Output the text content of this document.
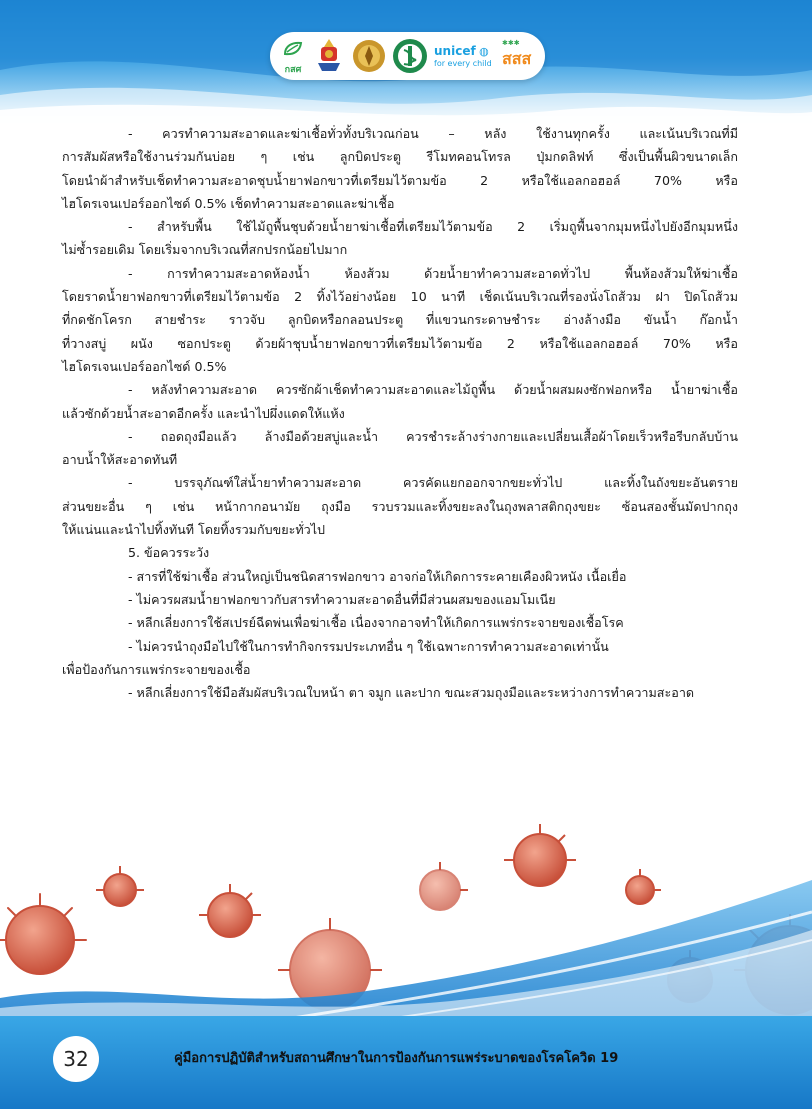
กสศ
unicef ◍
for every child
✱✱✱
สสส
- ควรทำความสะอาดและฆ่าเชื้อทั่วทั้งบริเวณก่อน – หลัง ใช้งานทุกครั้ง และเน้นบริเวณที่มี
การสัมผัสหรือใช้งานร่วมกันบ่อย ๆ เช่น ลูกบิดประตู รีโมทคอนโทรล ปุ่มกดลิฟท์ ซึ่งเป็นพื้นผิวขนาดเล็ก
โดยนำผ้าสำหรับเช็ดทำความสะอาดชุบน้ำยาฟอกขาวที่เตรียมไว้ตามข้อ 2 หรือใช้แอลกอฮอล์ 70% หรือ
ไฮโดรเจนเปอร์ออกไซด์ 0.5% เช็ดทำความสะอาดและฆ่าเชื้อ
- สำหรับพื้น ใช้ไม้ถูพื้นชุบด้วยน้ำยาฆ่าเชื้อที่เตรียมไว้ตามข้อ 2 เริ่มถูพื้นจากมุมหนึ่งไปยังอีกมุมหนึ่ง
ไม่ซ้ำรอยเดิม โดยเริ่มจากบริเวณที่สกปรกน้อยไปมาก
- การทำความสะอาดห้องน้ำ ห้องส้วม ด้วยน้ำยาทำความสะอาดทั่วไป พื้นห้องส้วมให้ฆ่าเชื้อ
โดยราดน้ำยาฟอกขาวที่เตรียมไว้ตามข้อ 2 ทิ้งไว้อย่างน้อย 10 นาที เช็ดเน้นบริเวณที่รองนั่งโถส้วม ฝา ปิดโถส้วม
ที่กดชักโครก สายชำระ ราวจับ ลูกบิดหรือกลอนประตู ที่แขวนกระดาษชำระ อ่างล้างมือ ขันน้ำ ก๊อกน้ำ
ที่วางสบู่ ผนัง ซอกประตู ด้วยผ้าชุบน้ำยาฟอกขาวที่เตรียมไว้ตามข้อ 2 หรือใช้แอลกอฮอล์ 70% หรือ
ไฮโดรเจนเปอร์ออกไซด์ 0.5%
- หลังทำความสะอาด ควรซักผ้าเช็ดทำความสะอาดและไม้ถูพื้น ด้วยน้ำผสมผงซักฟอกหรือ น้ำยาฆ่าเชื้อ
แล้วซักด้วยน้ำสะอาดอีกครั้ง และนำไปผึ่งแดดให้แห้ง
- ถอดถุงมือแล้ว ล้างมือด้วยสบู่และน้ำ ควรชำระล้างร่างกายและเปลี่ยนเสื้อผ้าโดยเร็วหรือรีบกลับบ้าน
อาบน้ำให้สะอาดทันที
- บรรจุภัณฑ์ใส่น้ำยาทำความสะอาด ควรคัดแยกออกจากขยะทั่วไป และทิ้งในถังขยะอันตราย
ส่วนขยะอื่น ๆ เช่น หน้ากากอนามัย ถุงมือ รวบรวมและทิ้งขยะลงในถุงพลาสติกถุงขยะ ซ้อนสองชั้นมัดปากถุง
ให้แน่นและนำไปทิ้งทันที โดยทิ้งรวมกับขยะทั่วไป
5. ข้อควรระวัง
- สารที่ใช้ฆ่าเชื้อ ส่วนใหญ่เป็นชนิดสารฟอกขาว อาจก่อให้เกิดการระคายเคืองผิวหนัง เนื้อเยื่อ
- ไม่ควรผสมน้ำยาฟอกขาวกับสารทำความสะอาดอื่นที่มีส่วนผสมของแอมโมเนีย
- หลีกเลี่ยงการใช้สเปรย์ฉีดพ่นเพื่อฆ่าเชื้อ เนื่องจากอาจทำให้เกิดการแพร่กระจายของเชื้อโรค
- ไม่ควรนำถุงมือไปใช้ในการทำกิจกรรมประเภทอื่น ๆ ใช้เฉพาะการทำความสะอาดเท่านั้น
เพื่อป้องกันการแพร่กระจายของเชื้อ
- หลีกเลี่ยงการใช้มือสัมผัสบริเวณใบหน้า ตา จมูก และปาก ขณะสวมถุงมือและระหว่างการทำความสะอาด
32	คู่มือการปฏิบัติสำหรับสถานศึกษาในการป้องกันการแพร่ระบาดของโรคโควิด 19
